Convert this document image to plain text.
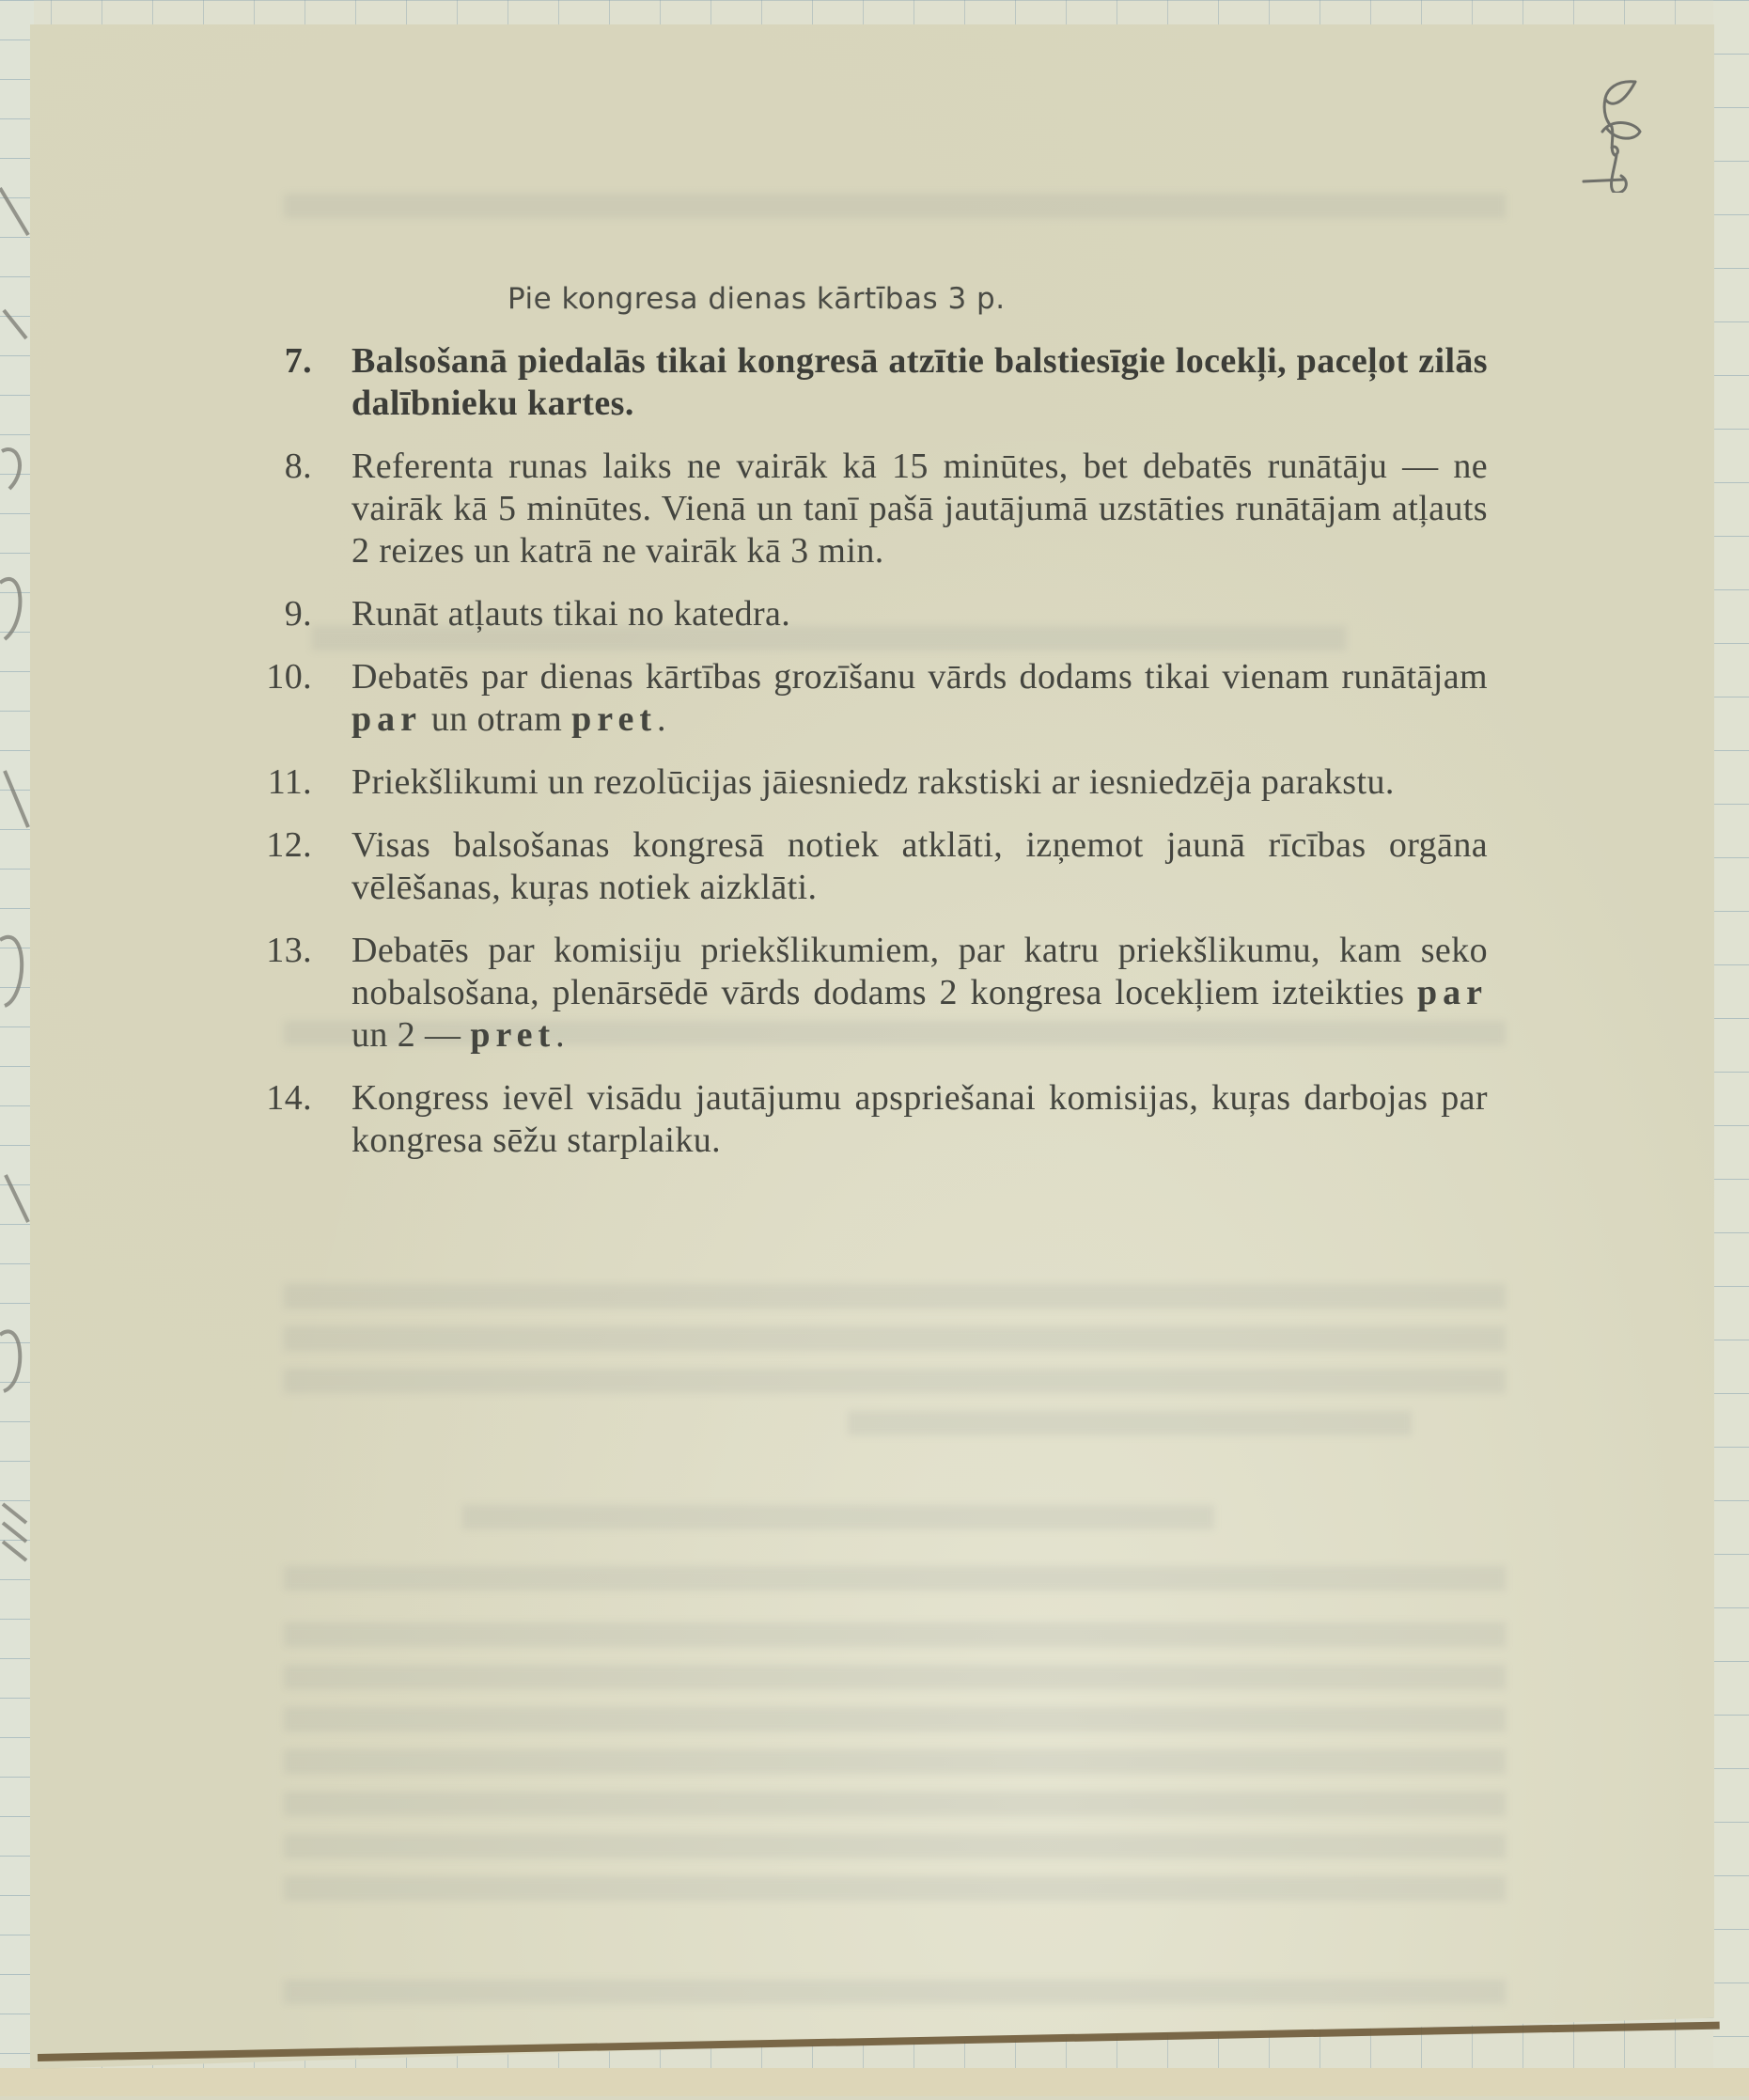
Pie kongresa dienas kārtības 3 p.
7. Balsošanā piedalās tikai kongresā atzītie balstiesīgie locekļi, paceļot zilās dalībnieku kartes.
8. Referenta runas laiks ne vairāk kā 15 minūtes, bet debatēs runātāju — ne vairāk kā 5 minūtes. Vienā un tanī pašā jautājumā uzstāties runātājam atļauts 2 reizes un katrā ne vairāk kā 3 min.
9. Runāt atļauts tikai no katedra.
10. Debatēs par dienas kārtības grozīšanu vārds dodams tikai vienam runātājam par un otram pret.
11. Priekšlikumi un rezolūcijas jāiesniedz rakstiski ar iesniedzēja parakstu.
12. Visas balsošanas kongresā notiek atklāti, izņemot jaunā rīcības orgāna vēlēšanas, kuŗas notiek aizklāti.
13. Debatēs par komisiju priekšlikumiem, par katru priekšlikumu, kam seko nobalsošana, plenārsēdē vārds dodams 2 kongresa locekļiem izteikties par un 2 — pret.
14. Kongress ievēl visādu jautājumu apspriešanai komisijas, kuŗas darbojas par kongresa sēžu starplaiku.
